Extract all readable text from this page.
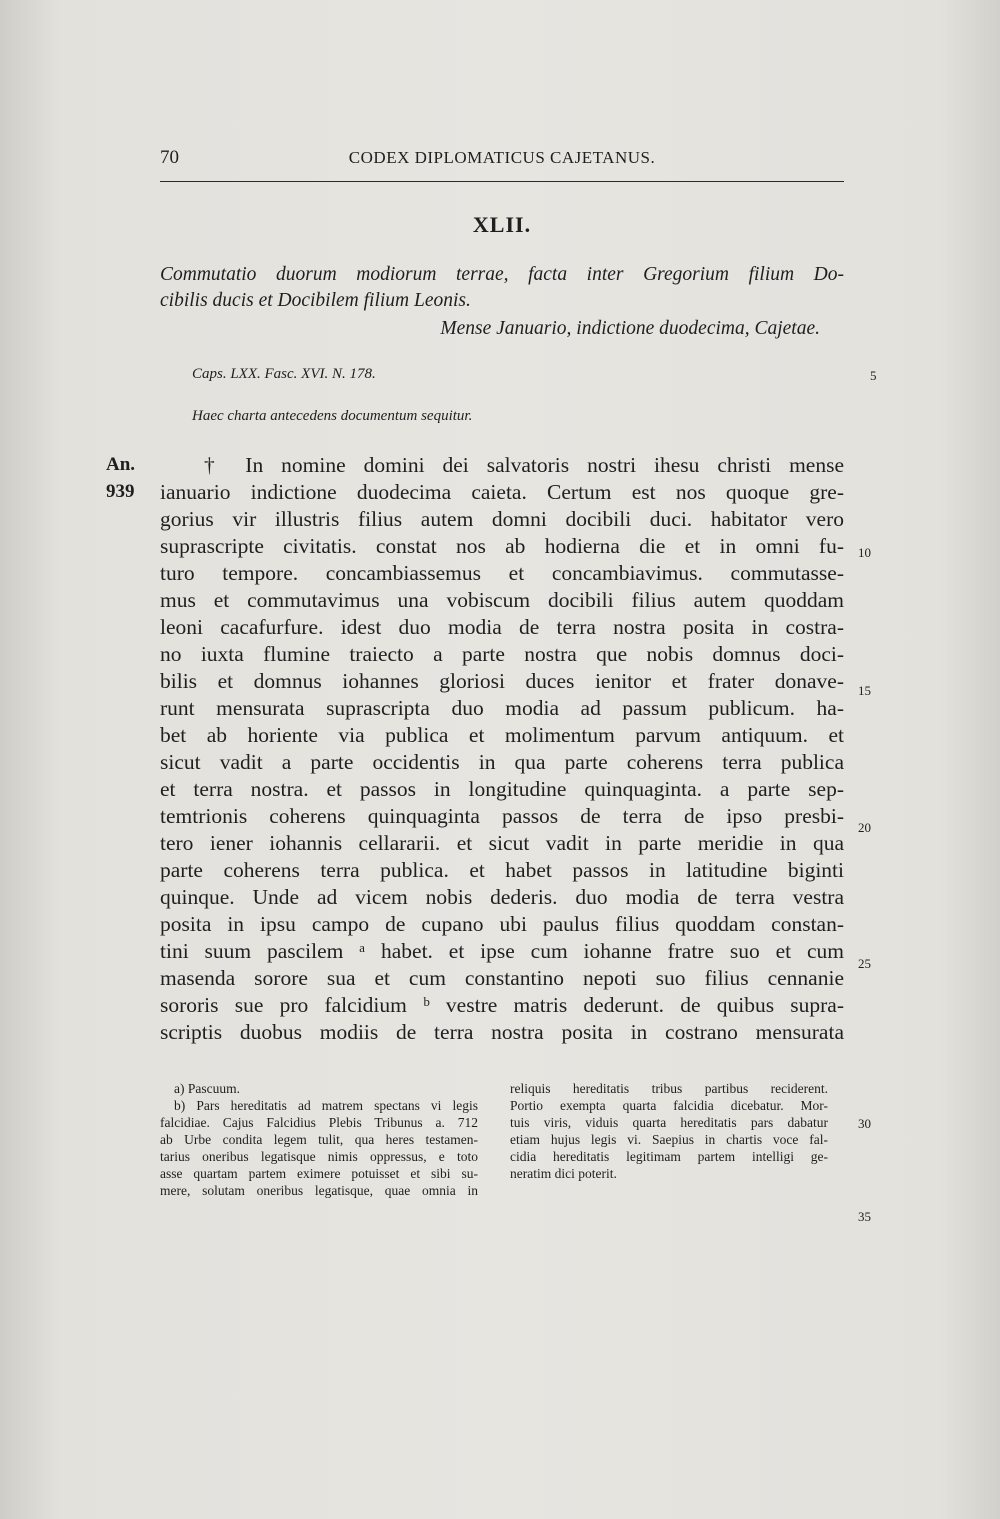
70	CODEX DIPLOMATICUS CAJETANUS.
XLII.
Commutatio duorum modiorum terrae, facta inter Gregorium filium Do-
cibilis ducis et Docibilem filium Leonis.
Mense Januario, indictione duodecima, Cajetae.
Caps. LXX. Fasc. XVI. N. 178.
Haec charta antecedens documentum sequitur.
An.
939
† In nomine domini dei salvatoris nostri ihesu christi mense
ianuario indictione duodecima caieta. Certum est nos quoque gre-
gorius vir illustris filius autem domni docibili duci. habitator vero
suprascripte civitatis. constat nos ab hodierna die et in omni fu-
turo tempore. concambiassemus et concambiavimus. commutasse-
mus et commutavimus una vobiscum docibili filius autem quoddam
leoni cacafurfure. idest duo modia de terra nostra posita in costra-
no iuxta flumine traiecto a parte nostra que nobis domnus doci-
bilis et domnus iohannes gloriosi duces ienitor et frater donave-
runt mensurata suprascripta duo modia ad passum publicum. ha-
bet ab horiente via publica et molimentum parvum antiquum. et
sicut vadit a parte occidentis in qua parte coherens terra publica
et terra nostra. et passos in longitudine quinquaginta. a parte sep-
temtrionis coherens quinquaginta passos de terra de ipso presbi-
tero iener iohannis cellararii. et sicut vadit in parte meridie in qua
parte coherens terra publica. et habet passos in latitudine biginti
quinque. Unde ad vicem nobis dederis. duo modia de terra vestra
posita in ipsu campo de cupano ubi paulus filius quoddam constan-
tini suum pascilem ᵃ habet. et ipse cum iohanne fratre suo et cum
masenda sorore sua et cum constantino nepoti suo filius cennanie
sororis sue pro falcidium ᵇ vestre matris dederunt. de quibus supra-
scriptis duobus modiis de terra nostra posita in costrano mensurata
5
10
15
20
25
30
35
a) Pascuum.
b) Pars hereditatis ad matrem spectans vi legis
falcidiae. Cajus Falcidius Plebis Tribunus a. 712
ab Urbe condita legem tulit, qua heres testamen-
tarius oneribus legatisque nimis oppressus, e toto
asse quartam partem eximere potuisset et sibi su-
mere, solutam oneribus legatisque, quae omnia in
reliquis hereditatis tribus partibus reciderent.
Portio exempta quarta falcidia dicebatur. Mor-
tuis viris, viduis quarta hereditatis pars dabatur
etiam hujus legis vi. Saepius in chartis voce fal-
cidia hereditatis legitimam partem intelligi ge-
neratim dici poterit.
